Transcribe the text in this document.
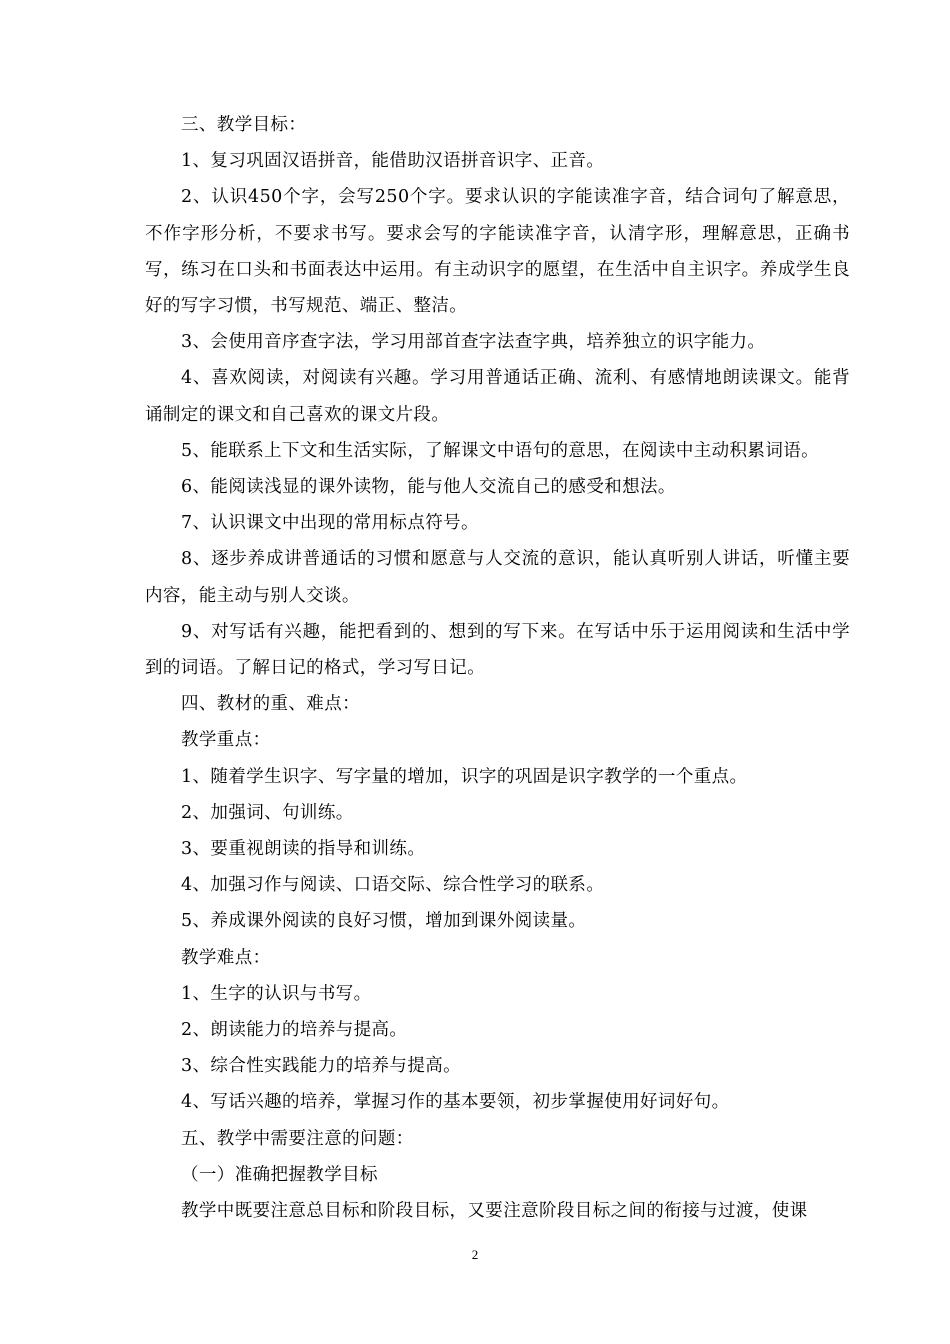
三、教学目标：

1、复习巩固汉语拼音，能借助汉语拼音识字、正音。

2、认识450个字，会写250个字。要求认识的字能读准字音，结合词句了解意思，不作字形分析，不要求书写。要求会写的字能读准字音，认清字形，理解意思，正确书写，练习在口头和书面表达中运用。有主动识字的愿望，在生活中自主识字。养成学生良好的写字习惯，书写规范、端正、整洁。

3、会使用音序查字法，学习用部首查字法查字典，培养独立的识字能力。

4、喜欢阅读，对阅读有兴趣。学习用普通话正确、流利、有感情地朗读课文。能背诵制定的课文和自己喜欢的课文片段。

5、能联系上下文和生活实际，了解课文中语句的意思，在阅读中主动积累词语。

6、能阅读浅显的课外读物，能与他人交流自己的感受和想法。

7、认识课文中出现的常用标点符号。

8、逐步养成讲普通话的习惯和愿意与人交流的意识，能认真听别人讲话，听懂主要内容，能主动与别人交谈。

9、对写话有兴趣，能把看到的、想到的写下来。在写话中乐于运用阅读和生活中学到的词语。了解日记的格式，学习写日记。

四、教材的重、难点：

教学重点：

1、随着学生识字、写字量的增加，识字的巩固是识字教学的一个重点。

2、加强词、句训练。

3、要重视朗读的指导和训练。

4、加强习作与阅读、口语交际、综合性学习的联系。

5、养成课外阅读的良好习惯，增加到课外阅读量。

教学难点：

1、生字的认识与书写。

2、朗读能力的培养与提高。

3、综合性实践能力的培养与提高。

4、写话兴趣的培养，掌握习作的基本要领，初步掌握使用好词好句。

五、教学中需要注意的问题：

（一）准确把握教学目标

教学中既要注意总目标和阶段目标，又要注意阶段目标之间的衔接与过渡，使课

2
